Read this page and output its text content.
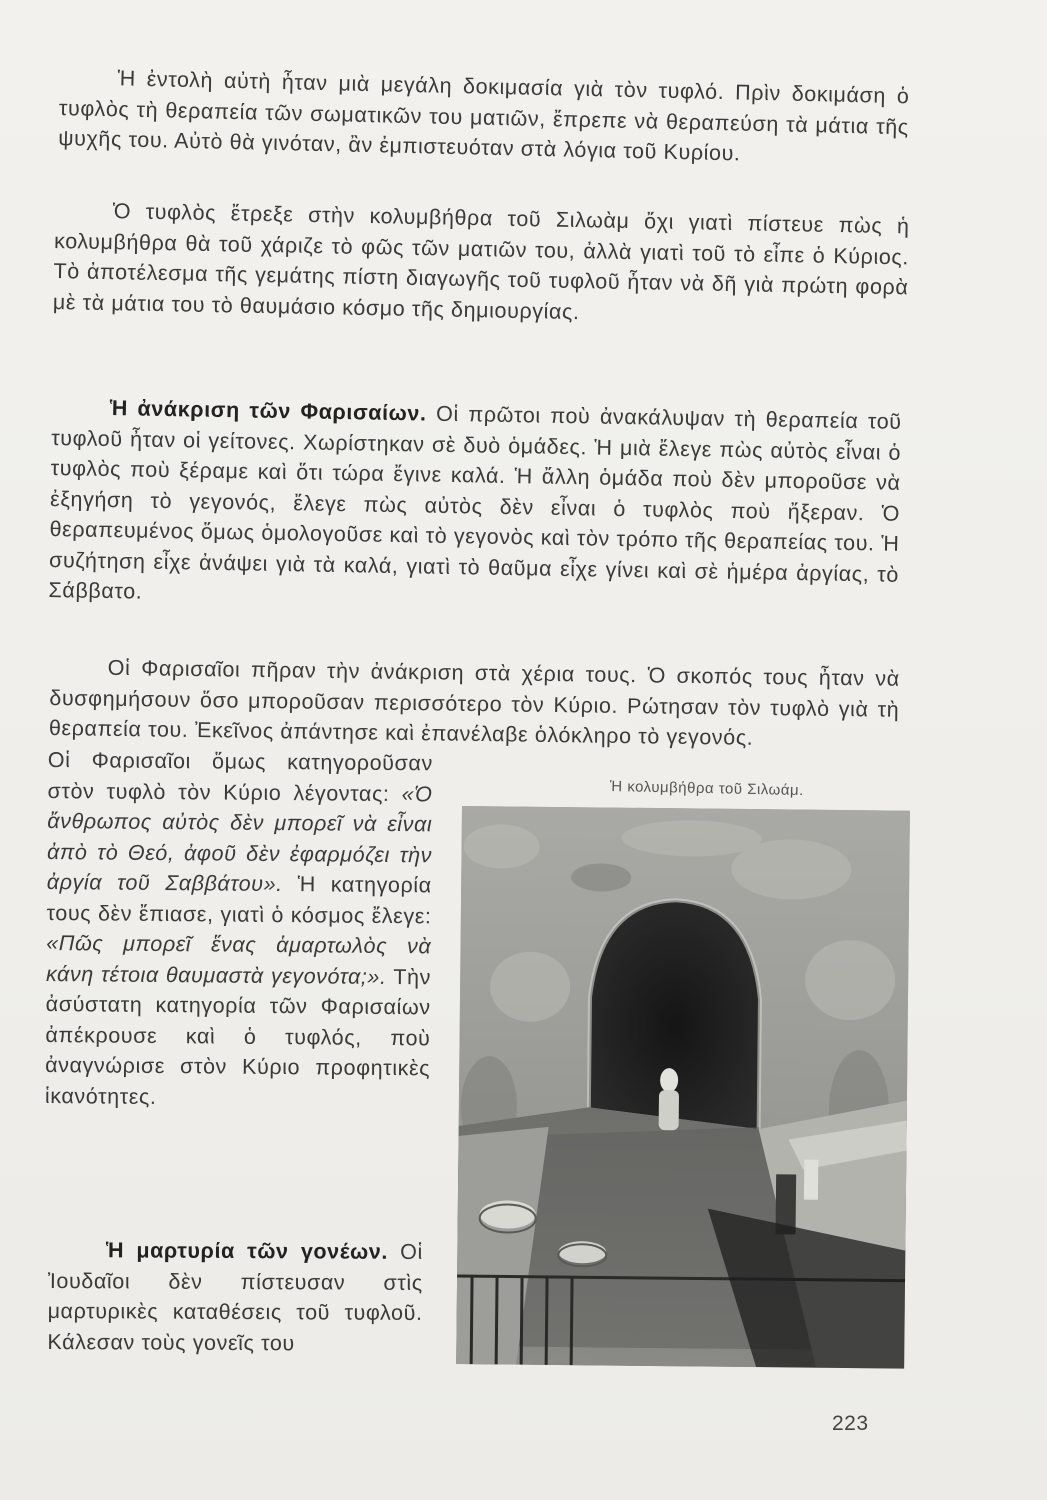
Ἡ ἐντολὴ αὐτὴ ἦταν μιὰ μεγάλη δοκιμασία γιὰ τὸν τυφλό. Πρὶν δοκιμάση ὁ τυφλὸς τὴ θεραπεία τῶν σωματικῶν του ματιῶν, ἔπρεπε νὰ θεραπεύση τὰ μάτια τῆς ψυχῆς του. Αὐτὸ θὰ γινόταν, ἂν ἐμπιστευόταν στὰ λόγια τοῦ Κυρίου.

Ὁ τυφλὸς ἔτρεξε στὴν κολυμβήθρα τοῦ Σιλωὰμ ὄχι γιατὶ πίστευε πὼς ἡ κολυμβήθρα θὰ τοῦ χάριζε τὸ φῶς τῶν ματιῶν του, ἀλλὰ γιατὶ τοῦ τὸ εἶπε ὁ Κύριος. Τὸ ἀποτέλεσμα τῆς γεμάτης πίστη διαγωγῆς τοῦ τυφλοῦ ἦταν νὰ δῆ γιὰ πρώτη φορὰ μὲ τὰ μάτια του τὸ θαυμάσιο κόσμο τῆς δημιουργίας.

Ἡ ἀνάκριση τῶν Φαρισαίων. Οἱ πρῶτοι ποὺ ἀνακάλυψαν τὴ θεραπεία τοῦ τυφλοῦ ἦταν οἱ γείτονες. Χωρίστηκαν σὲ δυὸ ὁμάδες. Ἡ μιὰ ἔλεγε πὼς αὐτὸς εἶναι ὁ τυφλὸς ποὺ ξέραμε καὶ ὅτι τώρα ἔγινε καλά. Ἡ ἄλλη ὁμάδα ποὺ δὲν μποροῦσε νὰ ἐξηγήση τὸ γεγονός, ἔλεγε πὼς αὐτὸς δὲν εἶναι ὁ τυφλὸς ποὺ ἤξεραν. Ὁ θεραπευμένος ὅμως ὁμολογοῦσε καὶ τὸ γεγονὸς καὶ τὸν τρόπο τῆς θεραπείας του. Ἡ συζήτηση εἶχε ἀνάψει γιὰ τὰ καλά, γιατὶ τὸ θαῦμα εἶχε γίνει καὶ σὲ ἡμέρα ἀργίας, τὸ Σάββατο.

Οἱ Φαρισαῖοι πῆραν τὴν ἀνάκριση στὰ χέρια τους. Ὁ σκοπός τους ἦταν νὰ δυσφημήσουν ὅσο μποροῦσαν περισσότερο τὸν Κύριο. Ρώτησαν τὸν τυφλὸ γιὰ τὴ θεραπεία του. Ἐκεῖνος ἀπάντησε καὶ ἐπανέλαβε ὁλόκληρο τὸ γεγονός.

Οἱ Φαρισαῖοι ὅμως κατηγοροῦσαν στὸν τυφλὸ τὸν Κύριο λέγοντας: «Ὁ ἄνθρωπος αὐτὸς δὲν μπορεῖ νὰ εἶναι ἀπὸ τὸ Θεό, ἀφοῦ δὲν ἐφαρμόζει τὴν ἀργία τοῦ Σαββάτου». Ἡ κατηγορία τους δὲν ἔπιασε, γιατὶ ὁ κόσμος ἔλεγε: «Πῶς μπορεῖ ἕνας ἁμαρτωλὸς νὰ κάνη τέτοια θαυμαστὰ γεγονότα;». Τὴν ἀσύστατη κατηγορία τῶν Φαρισαίων ἀπέκρουσε καὶ ὁ τυφλός, ποὺ ἀναγνώρισε στὸν Κύριο προφητικὲς ἱκανότητες.

Ἡ μαρτυρία τῶν γονέων. Οἱ Ἰουδαῖοι δὲν πίστευσαν στὶς μαρτυρικὲς καταθέσεις τοῦ τυφλοῦ. Κάλεσαν τοὺς γονεῖς του

Ἡ κολυμβήθρα τοῦ Σιλωάμ.
223
